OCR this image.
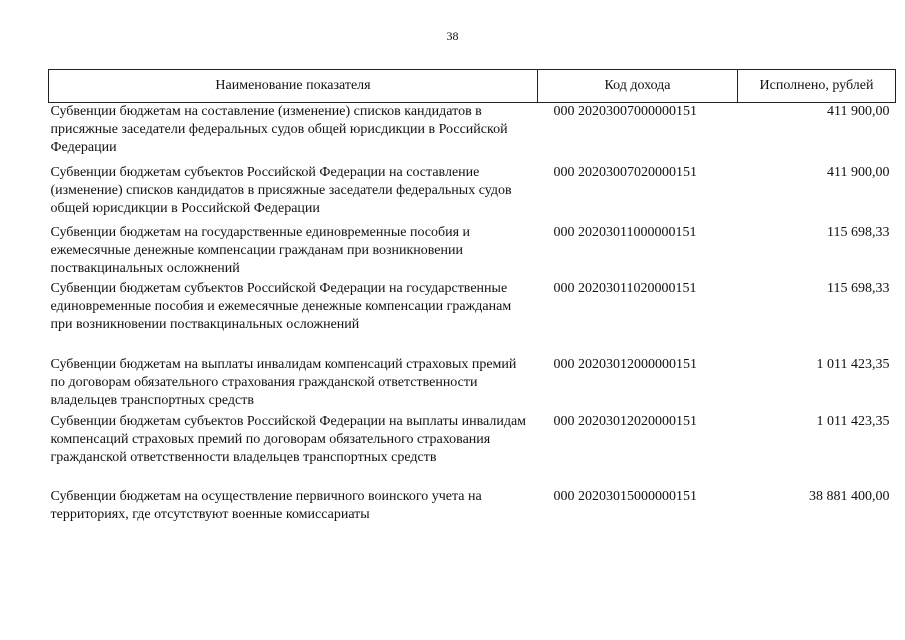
38
Наименование показателя	Код дохода	Исполнено, рублей
Субвенции бюджетам на составление (изменение) списков кандидатов в присяжные заседатели федеральных судов общей юрисдикции в Российской Федерации	000 20203007000000151	411 900,00
Субвенции бюджетам субъектов Российской Федерации на составление (изменение) списков кандидатов в присяжные заседатели федеральных судов общей юрисдикции в Российской Федерации	000 20203007020000151	411 900,00
Субвенции бюджетам на государственные единовременные пособия и ежемесячные денежные компенсации гражданам при возникновении поствакцинальных осложнений	000 20203011000000151	115 698,33
Субвенции бюджетам субъектов Российской Федерации на государственные единовременные пособия и ежемесячные денежные компенсации гражданам при возникновении поствакцинальных осложнений	000 20203011020000151	115 698,33
Субвенции бюджетам на выплаты инвалидам компенсаций страховых премий по договорам обязательного страхования гражданской ответственности владельцев транспортных средств	000 20203012000000151	1 011 423,35
Субвенции бюджетам субъектов Российской Федерации на выплаты инвалидам компенсаций страховых премий по договорам обязательного страхования гражданской ответственности владельцев транспортных средств	000 20203012020000151	1 011 423,35
Субвенции бюджетам на осуществление первичного воинского учета на территориях, где отсутствуют военные комиссариаты	000 20203015000000151	38 881 400,00
